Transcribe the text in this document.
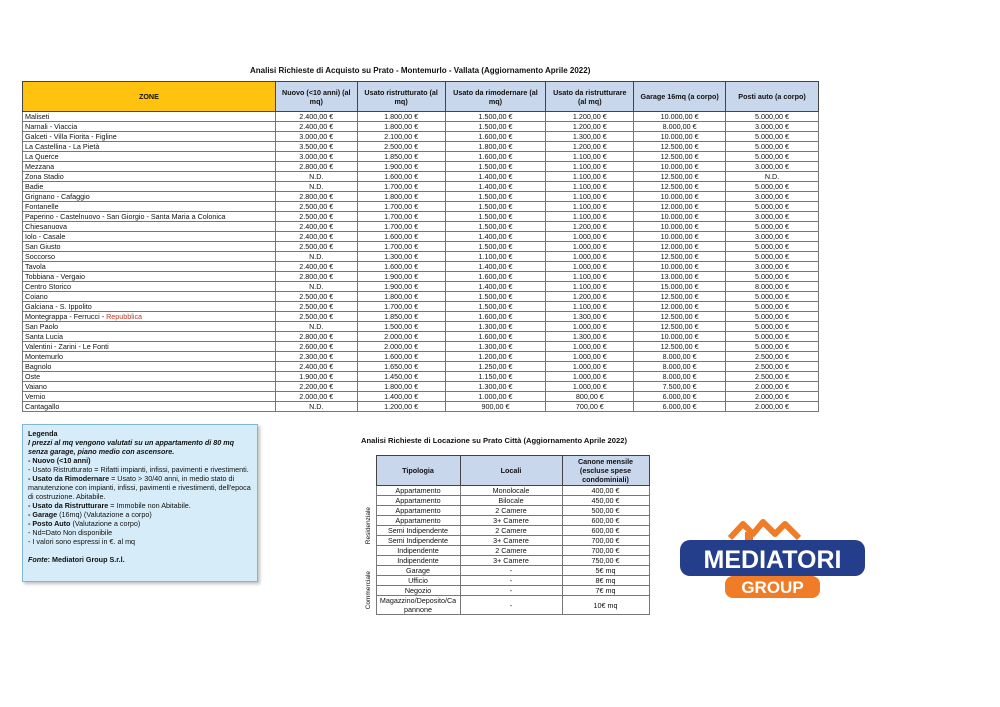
Analisi Richieste di Acquisto su Prato - Montemurlo - Vallata (Aggiornamento Aprile 2022)
ZONE	Nuovo (<10 anni) (al mq)	Usato ristrutturato (al mq)	Usato da rimodernare (al mq)	Usato da ristrutturare (al mq)	Garage 16mq (a corpo)	Posti auto (a corpo)
Maliseti	2.400,00 €	1.800,00 €	1.500,00 €	1.200,00 €	10.000,00 €	5.000,00 €
Narnali - Viaccia	2.400,00 €	1.800,00 €	1.500,00 €	1.200,00 €	8.000,00 €	3.000,00 €
Galceti - Villa Fiorita - Figline	3.000,00 €	2.100,00 €	1.600,00 €	1.300,00 €	10.000,00 €	5.000,00 €
La Castellina - La Pietà	3.500,00 €	2.500,00 €	1.800,00 €	1.200,00 €	12.500,00 €	5.000,00 €
La Querce	3.000,00 €	1.850,00 €	1.600,00 €	1.100,00 €	12.500,00 €	5.000,00 €
Mezzana	2.800,00 €	1.900,00 €	1.500,00 €	1.100,00 €	10.000,00 €	3.000,00 €
Zona Stadio	N.D.	1.600,00 €	1.400,00 €	1.100,00 €	12.500,00 €	N.D.
Badie	N.D.	1.700,00 €	1.400,00 €	1.100,00 €	12.500,00 €	5.000,00 €
Grignano - Cafaggio	2.800,00 €	1.800,00 €	1.500,00 €	1.100,00 €	10.000,00 €	3.000,00 €
Fontanelle	2.500,00 €	1.700,00 €	1.500,00 €	1.100,00 €	12.000,00 €	5.000,00 €
Paperino - Castelnuovo - San Giorgio - Santa Maria a Colonica	2.500,00 €	1.700,00 €	1.500,00 €	1.100,00 €	10.000,00 €	3.000,00 €
Chiesanuova	2.400,00 €	1.700,00 €	1.500,00 €	1.200,00 €	10.000,00 €	5.000,00 €
Iolo - Casale	2.400,00 €	1.600,00 €	1.400,00 €	1.000,00 €	10.000,00 €	3.000,00 €
San Giusto	2.500,00 €	1.700,00 €	1.500,00 €	1.000,00 €	12.000,00 €	5.000,00 €
Soccorso	N.D.	1.300,00 €	1.100,00 €	1.000,00 €	12.500,00 €	5.000,00 €
Tavola	2.400,00 €	1.600,00 €	1.400,00 €	1.000,00 €	10.000,00 €	3.000,00 €
Tobbiana - Vergaio	2.800,00 €	1.900,00 €	1.600,00 €	1.100,00 €	13.000,00 €	5.000,00 €
Centro Storico	N.D.	1.900,00 €	1.400,00 €	1.100,00 €	15.000,00 €	8.000,00 €
Coiano	2.500,00 €	1.800,00 €	1.500,00 €	1.200,00 €	12.500,00 €	5.000,00 €
Galciana - S. Ippolito	2.500,00 €	1.700,00 €	1.500,00 €	1.100,00 €	12.000,00 €	5.000,00 €
Montegrappa - Ferrucci - Repubblica	2.500,00 €	1.850,00 €	1.600,00 €	1.300,00 €	12.500,00 €	5.000,00 €
San Paolo	N.D.	1.500,00 €	1.300,00 €	1.000,00 €	12.500,00 €	5.000,00 €
Santa Lucia	2.800,00 €	2.000,00 €	1.600,00 €	1.300,00 €	10.000,00 €	5.000,00 €
Valentini - Zarini - Le Fonti	2.600,00 €	2.000,00 €	1.300,00 €	1.000,00 €	12.500,00 €	5.000,00 €
Montemurlo	2.300,00 €	1.600,00 €	1.200,00 €	1.000,00 €	8.000,00 €	2.500,00 €
Bagnolo	2.400,00 €	1.650,00 €	1.250,00 €	1.000,00 €	8.000,00 €	2.500,00 €
Oste	1.900,00 €	1.450,00 €	1.150,00 €	1.000,00 €	8.000,00 €	2.500,00 €
Vaiano	2.200,00 €	1.800,00 €	1.300,00 €	1.000,00 €	7.500,00 €	2.000,00 €
Vernio	2.000,00 €	1.400,00 €	1.000,00 €	800,00 €	6.000,00 €	2.000,00 €
Cantagallo	N.D.	1.200,00 €	900,00 €	700,00 €	6.000,00 €	2.000,00 €
Legenda
I prezzi al mq vengono valutati su un appartamento di 80 mq senza garage, piano medio con ascensore.
- Nuovo (<10 anni)
- Usato Ristrutturato = Rifatti impianti, infissi, pavimenti e rivestimenti.
- Usato da Rimodernare = Usato > 30/40 anni, in medio stato di manutenzione con impianti, infissi, pavimenti e rivestimenti, dell'epoca di costruzione. Abitabile.
- Usato da Ristrutturare = Immobile non Abitabile.
- Garage (16mq) (Valutazione a corpo)
- Posto Auto (Valutazione a corpo)
- Nd=Dato Non disponibile
- I valori sono espressi in €. al mq
Fonte: Mediatori Group S.r.l.
Analisi Richieste di Locazione su Prato Città (Aggiornamento Aprile 2022)
	Tipologia	Locali	Canone mensile (escluse spese condominiali)

Residenziale	Appartamento	Monolocale	400,00 €
	Appartamento	Bilocale	450,00 €
	Appartamento	2 Camere	500,00 €
	Appartamento	3+ Camere	600,00 €
	Semi Indipendente	2 Camere	600,00 €
	Semi Indipendente	3+ Camere	700,00 €
	Indipendente	2 Camere	700,00 €
	Indipendente	3+ Camere	750,00 €

Commerciale	Garage	-	5€ mq
	Ufficio	-	8€ mq
	Negozio	-	7€ mq
	Magazzino/Deposito/Capannone	-	10€ mq
MEDIATORI
GROUP
